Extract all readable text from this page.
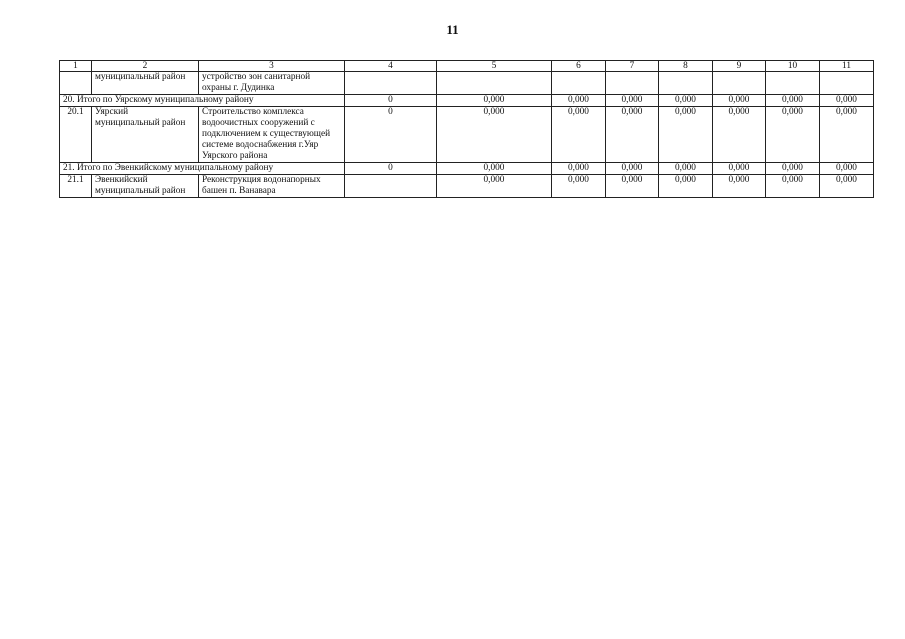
11
1	2	3	4	5	6	7	8	9	10	11
	муниципальный район	устройство зон санитарной охраны г. Дудинка								
20. Итого по Уярскому муниципальному району			0	0,000	0,000	0,000	0,000	0,000	0,000	0,000
20.1	Уярский муниципальный район	Строительство комплекса водоочистных сооружений с подключением к существующей системе водоснабжения г.Уяр Уярского района	0	0,000	0,000	0,000	0,000	0,000	0,000	0,000
21. Итого по Эвенкийскому муниципальному району			0	0,000	0,000	0,000	0,000	0,000	0,000	0,000
21.1	Эвенкийский муниципальный район	Реконструкция водонапорных башен п. Ванавара		0,000	0,000	0,000	0,000	0,000	0,000	0,000
